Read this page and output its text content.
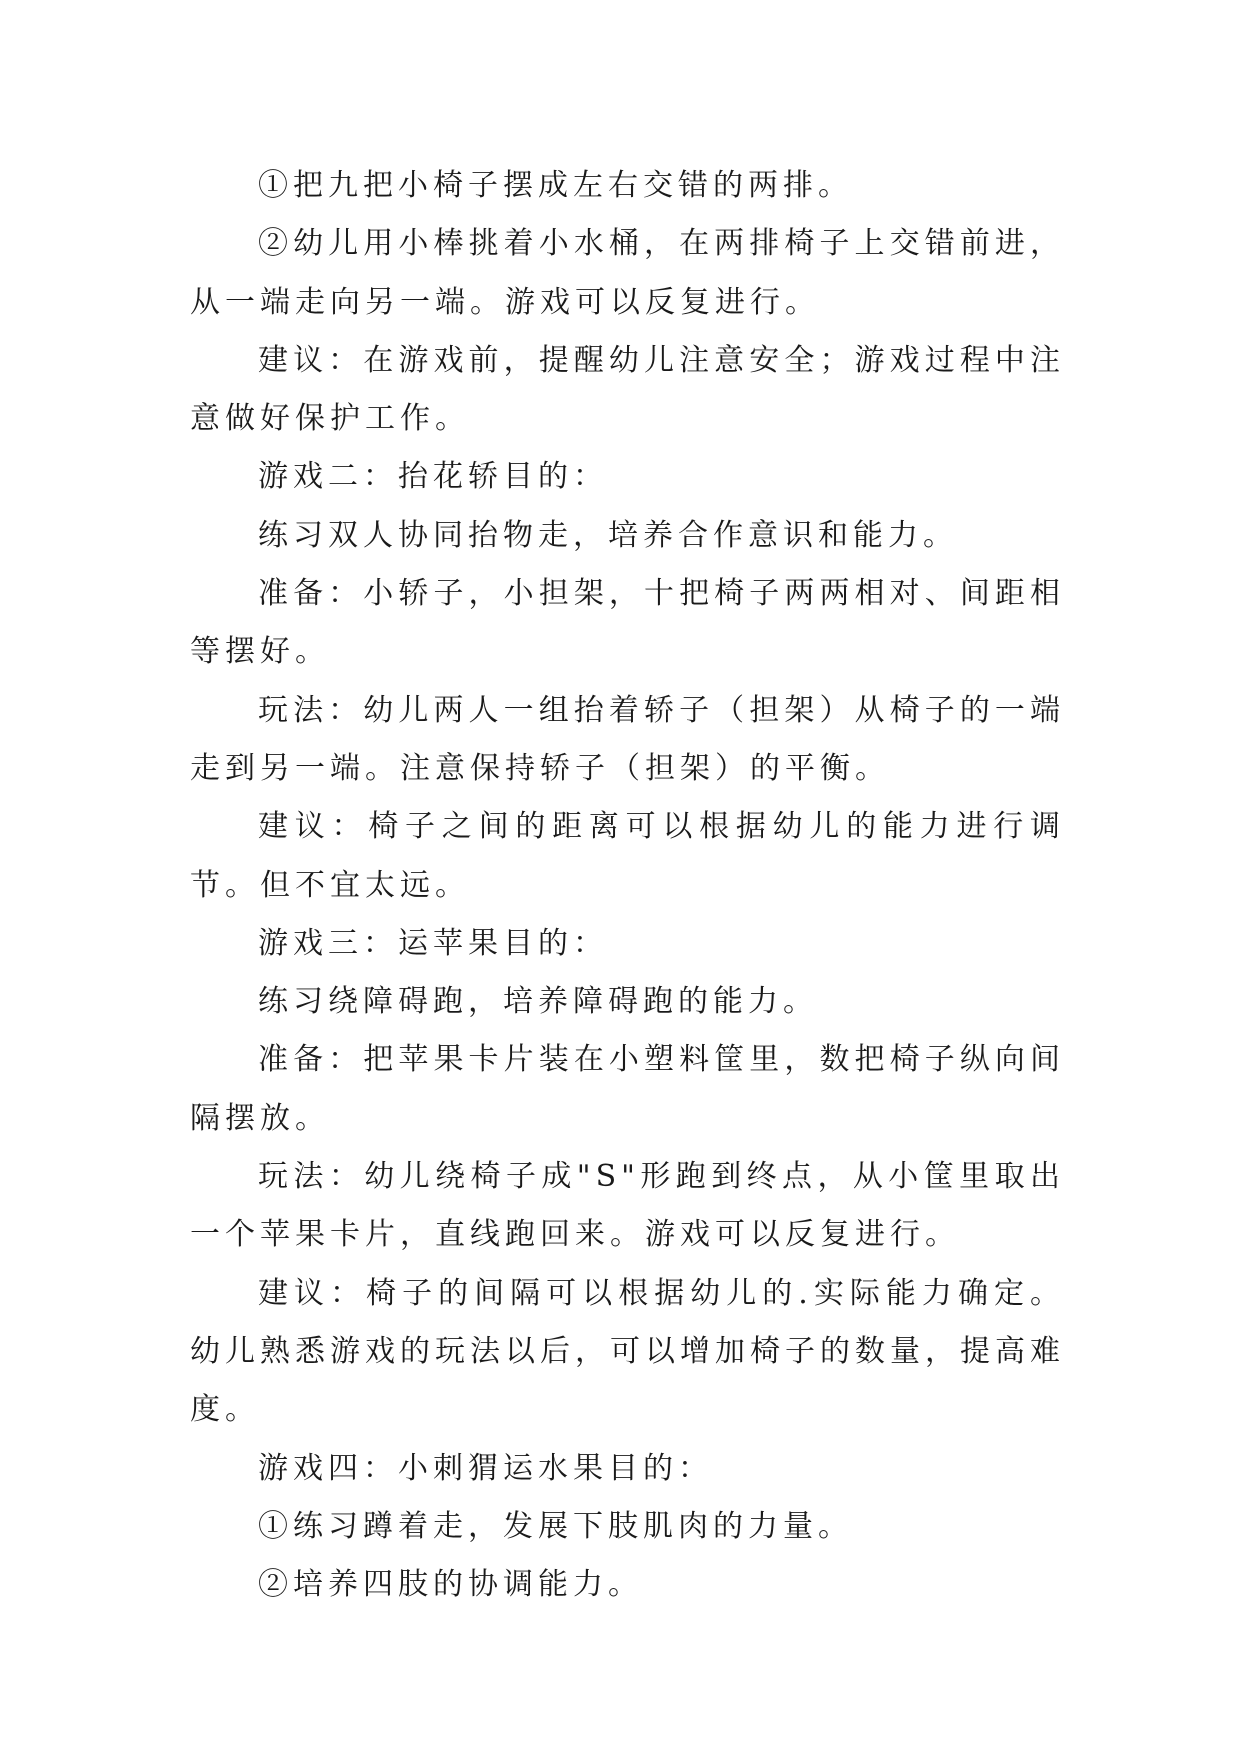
①把九把小椅子摆成左右交错的两排。

②幼儿用小棒挑着小水桶，在两排椅子上交错前进，从一端走向另一端。游戏可以反复进行。

建议：在游戏前，提醒幼儿注意安全；游戏过程中注意做好保护工作。

游戏二：抬花轿目的：

练习双人协同抬物走，培养合作意识和能力。

准备：小轿子，小担架，十把椅子两两相对、间距相等摆好。

玩法：幼儿两人一组抬着轿子（担架）从椅子的一端走到另一端。注意保持轿子（担架）的平衡。

建议：椅子之间的距离可以根据幼儿的能力进行调节。但不宜太远。

游戏三：运苹果目的：

练习绕障碍跑，培养障碍跑的能力。

准备：把苹果卡片装在小塑料筐里，数把椅子纵向间隔摆放。

玩法：幼儿绕椅子成"S"形跑到终点，从小筐里取出一个苹果卡片，直线跑回来。游戏可以反复进行。

建议：椅子的间隔可以根据幼儿的.实际能力确定。幼儿熟悉游戏的玩法以后，可以增加椅子的数量，提高难度。

游戏四：小刺猬运水果目的：

①练习蹲着走，发展下肢肌肉的力量。

②培养四肢的协调能力。
